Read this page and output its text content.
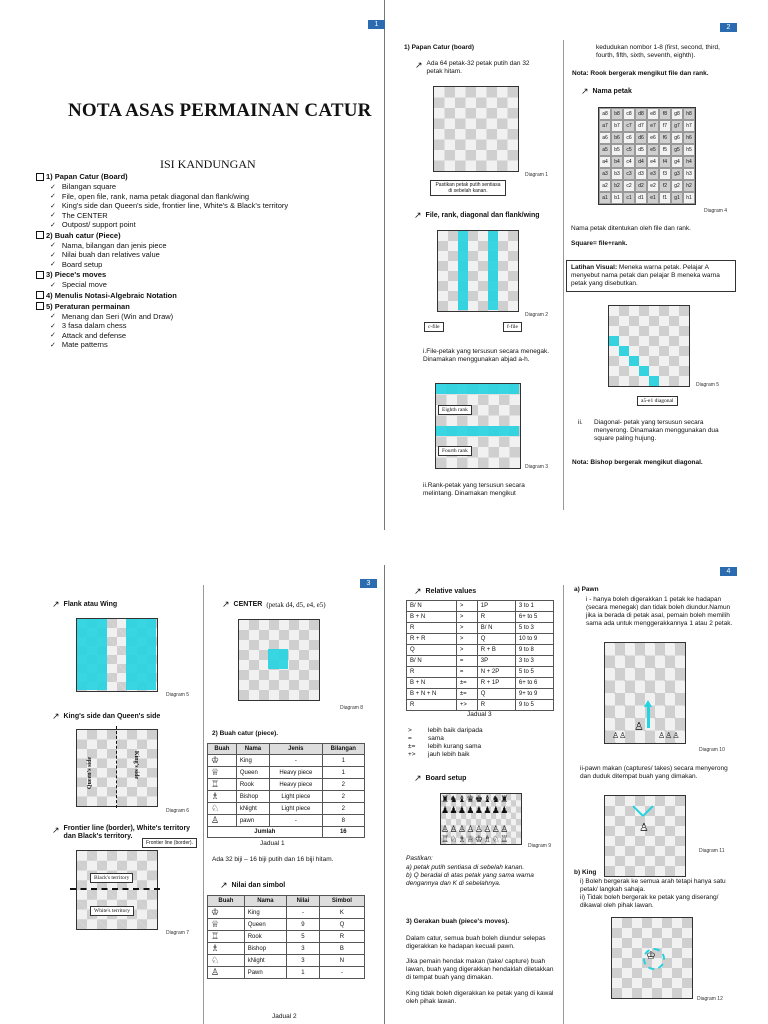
1	2
3
4
NOTA ASAS PERMAINAN CATUR
ISI KANDUNGAN
1) Papan Catur (Board)
✓ Bilangan square
✓ File, open file, rank, nama petak diagonal dan flank/wing
✓ King's side dan Queen's side, frontier line, White's & Black's territory
✓ The CENTER
✓ Outpost/ support point
2) Buah catur (Piece)
✓ Nama, bilangan dan jenis piece
✓ Nilai buah dan relatives value
✓ Board setup
3) Piece's moves
✓ Special move
4) Menulis Notasi-Algebraic Notation
5) Peraturan permainan
✓ Menang dan Seri (Win and Draw)
✓ 3 fasa dalam chess
✓ Attack and defense
✓ Mate patterns
1) Papan Catur (board)
↗ Ada 64 petak-32 petak putih dan 32 petak hitam.
Pastikan petak putih sentiasa di sebelah kanan.
Diagram 1
↗ File, rank, diagonal dan flank/wing
c-file	f-file
Diagram 2
i.File-petak yang tersusun secara menegak. Dinamakan menggunakan abjad a-h.
Eighth rank
Fourth rank
Diagram 3
ii.Rank-petak yang tersusun secara melintang. Dinamakan mengikut
kedudukan nombor 1-8 (first, second, third, fourth, fifth, sixth, seventh, eighth).
Nota: Rook bergerak mengikut file dan rank.
↗ Nama petak
a8	b8	c8	d8	e8	f8	g8	h8
a7	b7	c7	d7	e7	f7	g7	h7
a6	b6	c6	d6	e6	f6	g6	h6
a5	b5	c5	d5	e5	f5	g5	h5
a4	b4	c4	d4	e4	f4	g4	h4
a3	b3	c3	d3	e3	f3	g3	h3
a2	b2	c2	d2	e2	f2	g2	h2
a1	b1	c1	d1	e1	f1	g1	h1
Diagram 4
Nama petak ditentukan oleh file dan rank.
Square= file+rank.
Latihan Visual: Meneka warna petak. Pelajar A menyebut nama petak dan pelajar B meneka warna petak yang disebutkan.
a5-e1 diagonal
Diagram 5
ii. Diagonal- petak yang tersusun secara menyerong. Dinamakan menggunakan dua square paling hujung.
Nota: Bishop bergerak mengikut diagonal.
↗ Flank atau Wing
Diagram 5
↗ King's side dan Queen's side
Queen's side	King's side
Diagram 6
↗ Frontier line (border), White's territory dan Black's territory.
Frontier line (border).
Black's territory
White's territory
Diagram 7
↗ CENTER (petak d4, d5, e4, e5)
Diagram 8
2) Buah catur (piece).
Buah	Nama	Jenis	Bilangan
♔	King	-	1
♕	Queen	Heavy piece	1
♖	Rook	Heavy piece	2
♗	Bishop	Light piece	2
♘	kNight	Light piece	2
♙	pawn	-	8
Jumlah			16
Jadual 1
Ada 32 biji – 16 biji putih dan 16 biji hitam.
↗ Nilai dan simbol
Buah	Nama	Nilai	Simbol
♔	King	-	K
♕	Queen	9	Q
♖	Rook	5	R
♗	Bishop	3	B
♘	kNight	3	N
♙	Pawn	1	-
Jadual 2
↗ Relative values
B/ N	>	1P	3 to 1
B + N	>	R	6+ to 5
R	>	B/ N	5 to 3
R + R	>	Q	10 to 9
Q	>	R + B	9 to 8
B/ N	=	3P	3 to 3
R	=	N + 2P	5 to 5
B + N	±=	R + 1P	6+ to 6
B + N + N	±=	Q	9+ to 9
R	+>	R	9 to 5
Jadual 3
>	lebih baik daripada
=	sama
±=	lebih kurang sama
+>	jauh lebih baik
↗ Board setup
♜♞♝♛♚♝♞♜
♟♟♟♟♟♟♟♟
♙♙♙♙♙♙♙♙
♖♘♗♕♔♗♘♖
Diagram 9
Pastikan:
a) petak putih sentiasa di sebelah kanan.
b) Q beradai di atas petak yang sama warna dengannya dan K di sebelahnya.
3) Gerakan buah (piece's moves).
Dalam catur, semua buah boleh diundur selepas digerakkan ke hadapan kecuali pawn.
Jika pemain hendak makan (take/ capture) buah lawan, buah yang digerakkan hendaklah diletakkan di tempat buah yang dimakan.
King tidak boleh digerakkan ke petak yang di kawal oleh pihak lawan.
a) Pawn
i - hanya boleh digerakkan 1 petak ke hadapan (secara menegak) dan tidak boleh diundur.Namun jika ia berada di petak asal, pemain boleh memilih sama ada untuk menggerakkannya 1 atau 2 petak.
♙
♙♙	♙♙♙
Diagram 10
ii-pawn makan (captures/ takes) secara menyerong dan duduk ditempat buah yang dimakan.
♙
Diagram 11
b) King
i) Boleh bergerak ke semua arah tetapi hanya satu petak/ langkah sahaja.
ii) Tidak boleh bergerak ke petak yang diserang/ dikawal oleh pihak lawan.
♔
Diagram 12
